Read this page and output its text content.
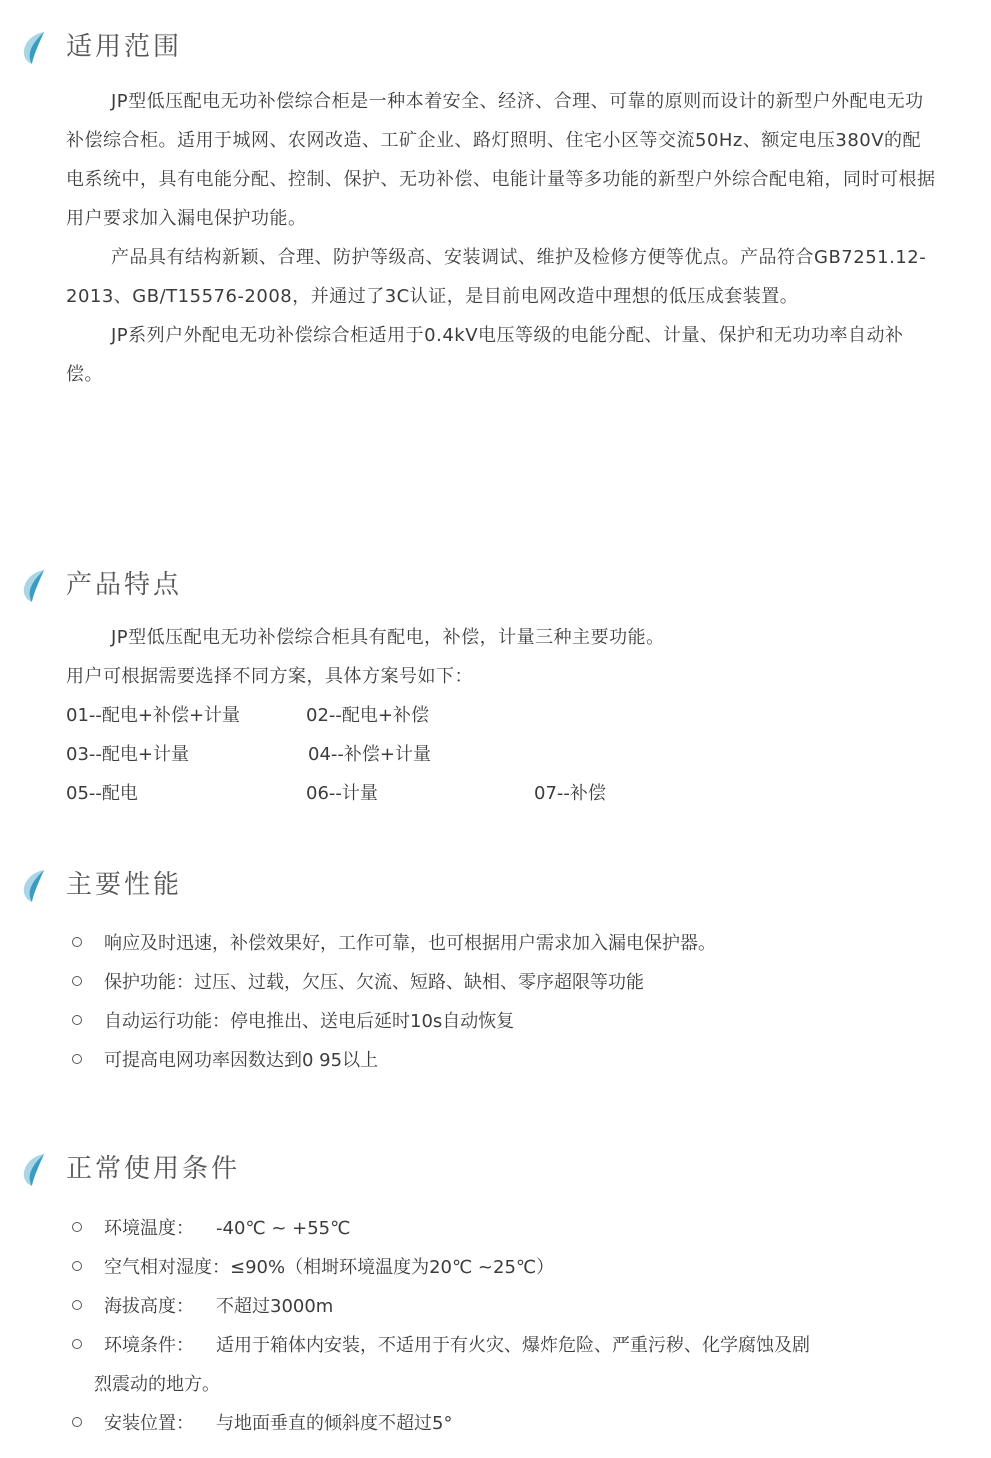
适用范围

JP型低压配电无功补偿综合柜是一种本着安全、经济、合理、可靠的原则而设计的新型户外配电无功补偿综合柜。适用于城网、农网改造、工矿企业、路灯照明、住宅小区等交流50Hz、额定电压380V的配电系统中，具有电能分配、控制、保护、无功补偿、电能计量等多功能的新型户外综合配电箱，同时可根据用户要求加入漏电保护功能。

产品具有结构新颖、合理、防护等级高、安装调试、维护及检修方便等优点。产品符合GB7251.12-2013、GB/T15576-2008，并通过了3C认证，是目前电网改造中理想的低压成套装置。

JP系列户外配电无功补偿综合柜适用于0.4kV电压等级的电能分配、计量、保护和无功功率自动补偿。

产品特点

JP型低压配电无功补偿综合柜具有配电，补偿，计量三种主要功能。

用户可根据需要选择不同方案，具体方案号如下：

01--配电+补偿+计量	02--配电+补偿
03--配电+计量	04--补偿+计量
05--配电	06--计量	07--补偿
主要性能
响应及时迅速，补偿效果好，工作可靠，也可根据用户需求加入漏电保护器。
保护功能：过压、过载，欠压、欠流、短路、缺相、零序超限等功能
自动运行功能：停电推出、送电后延时10s自动恢复
可提高电网功率因数达到0 95以上
正常使用条件
环境温度： -40℃ ~ +55℃
空气相对湿度：≤90%（相埘环境温度为20℃ ~25℃）
海拔高度： 不超过3000m
环境条件： 适用于箱体内安装，不适用于有火灾、爆炸危险、严重污秽、化学腐蚀及剧
烈震动的地方。
安装位置： 与地面垂直的倾斜度不超过5°
